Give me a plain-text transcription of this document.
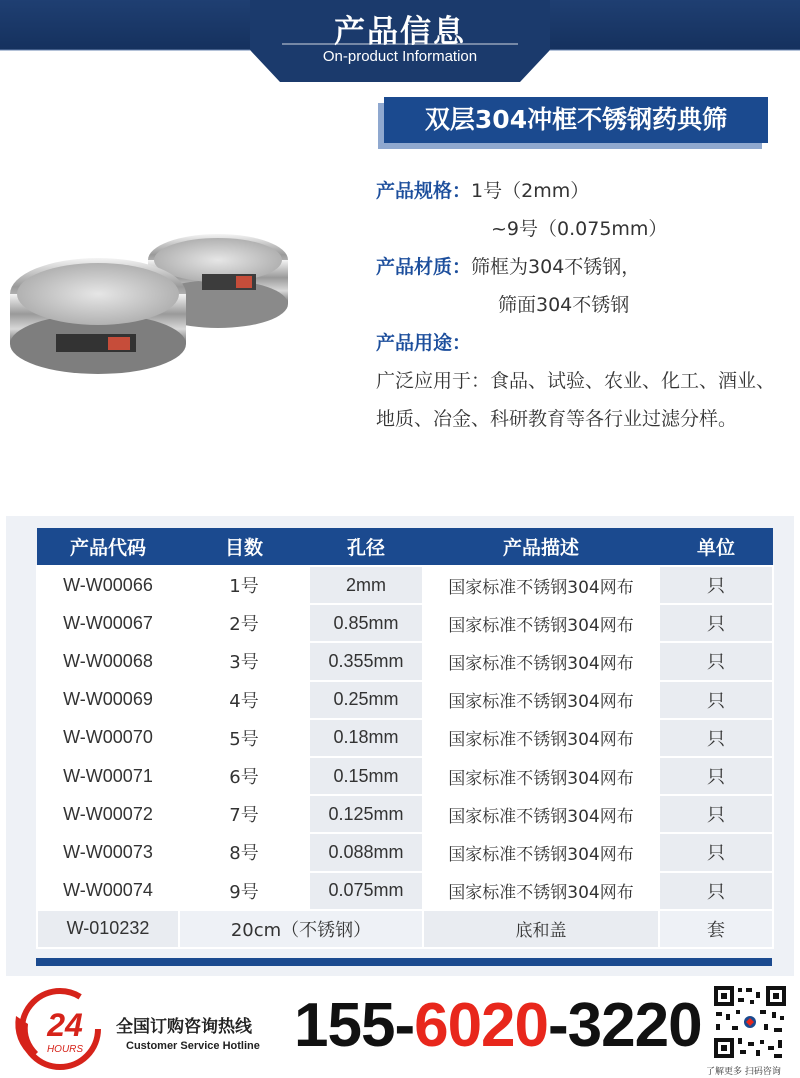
产品信息
On-product Information
双层304冲框不锈钢药典筛
产品规格：1号（2mm）
~9号（0.075mm）
产品材质：筛框为304不锈钢，
筛面304不锈钢
产品用途：
广泛应用于：食品、试验、农业、化工、酒业、地质、冶金、科研教育等各行业过滤分样。
产品代码	目数	孔径	产品描述	单位
W-W00066	1号	2mm	国家标准不锈钢304网布	只
W-W00067	2号	0.85mm	国家标准不锈钢304网布	只
W-W00068	3号	0.355mm	国家标准不锈钢304网布	只
W-W00069	4号	0.25mm	国家标准不锈钢304网布	只
W-W00070	5号	0.18mm	国家标准不锈钢304网布	只
W-W00071	6号	0.15mm	国家标准不锈钢304网布	只
W-W00072	7号	0.125mm	国家标准不锈钢304网布	只
W-W00073	8号	0.088mm	国家标准不锈钢304网布	只
W-W00074	9号	0.075mm	国家标准不锈钢304网布	只
W-010232	20cm（不锈钢）		底和盖	套
24
HOURS
全国订购咨询热线
Customer Service Hotline 155-6020-3220
了解更多 扫码咨询
